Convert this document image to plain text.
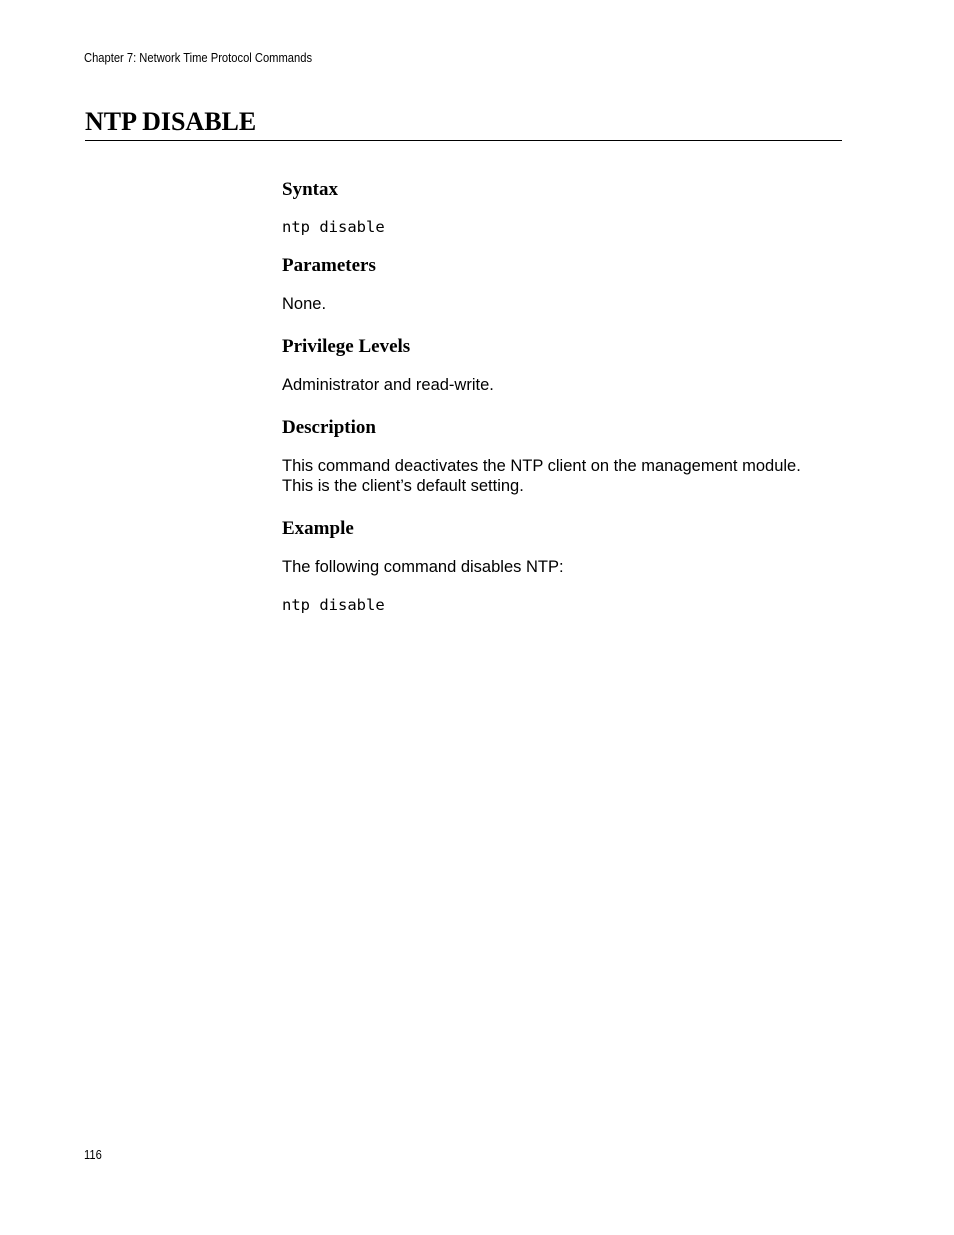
Chapter 7: Network Time Protocol Commands
NTP DISABLE
Syntax
ntp disable
Parameters

None.

Privilege Levels

Administrator and read-write.

Description

This command deactivates the NTP client on the management module.

This is the client’s default setting.

Example

The following command disables NTP:

ntp disable
116
